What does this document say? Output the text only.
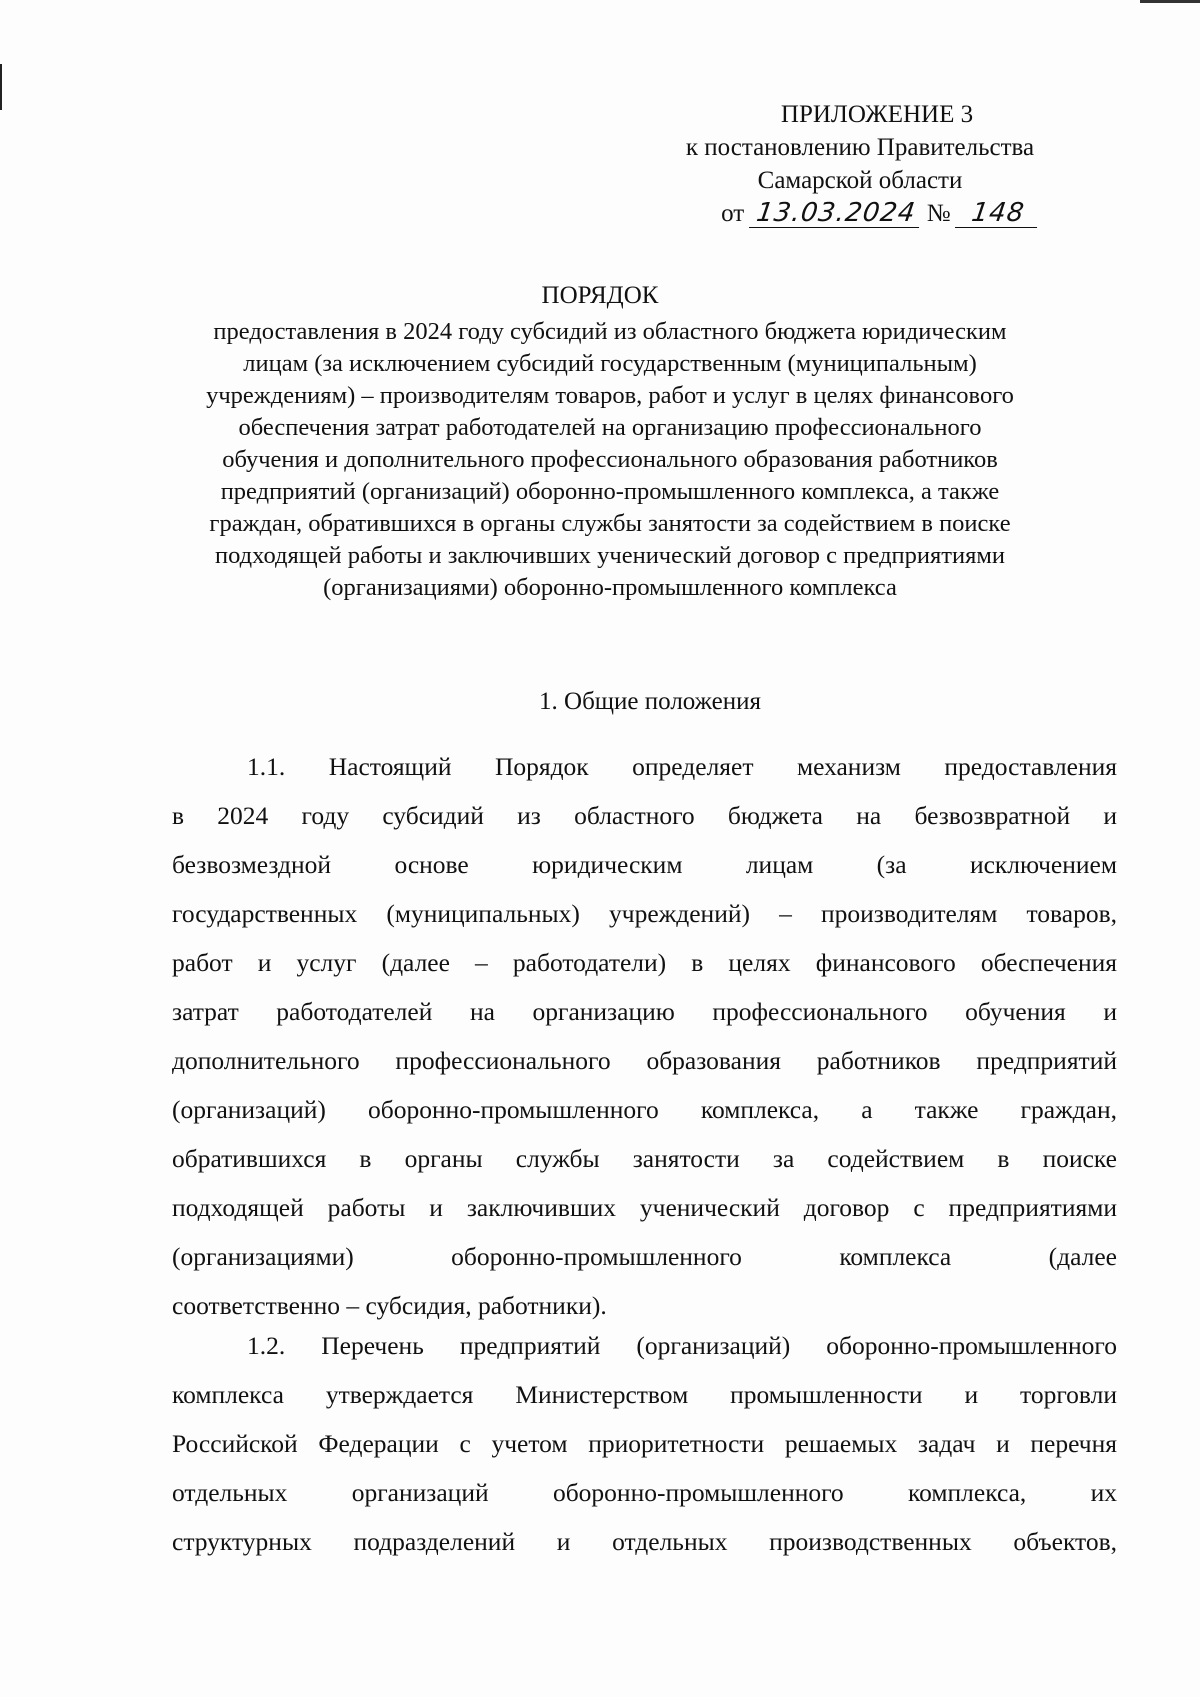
ПРИЛОЖЕНИЕ 3
к постановлению Правительства
Самарской области
от 13.03.2024 № 148
ПОРЯДОК
предоставления в 2024 году субсидий из областного бюджета юридическим
лицам (за исключением субсидий государственным (муниципальным)
учреждениям) – производителям товаров, работ и услуг в целях финансового
обеспечения затрат работодателей на организацию профессионального
обучения и дополнительного профессионального образования работников
предприятий (организаций) оборонно-промышленного комплекса, а также
граждан, обратившихся в органы службы занятости за содействием в поиске
подходящей работы и заключивших ученический договор с предприятиями
(организациями) оборонно-промышленного комплекса
1. Общие положения
1.1. Настоящий Порядок определяет механизм предоставления
в 2024 году субсидий из областного бюджета на безвозвратной и
безвозмездной основе юридическим лицам (за исключением
государственных (муниципальных) учреждений) – производителям товаров,
работ и услуг (далее – работодатели) в целях финансового обеспечения
затрат работодателей на организацию профессионального обучения и
дополнительного профессионального образования работников предприятий
(организаций) оборонно-промышленного комплекса, а также граждан,
обратившихся в органы службы занятости за содействием в поиске
подходящей работы и заключивших ученический договор с предприятиями
(организациями) оборонно-промышленного комплекса (далее
соответственно – субсидия, работники).
1.2. Перечень предприятий (организаций) оборонно-промышленного
комплекса утверждается Министерством промышленности и торговли
Российской Федерации с учетом приоритетности решаемых задач и перечня
отдельных организаций оборонно-промышленного комплекса, их
структурных подразделений и отдельных производственных объектов,
